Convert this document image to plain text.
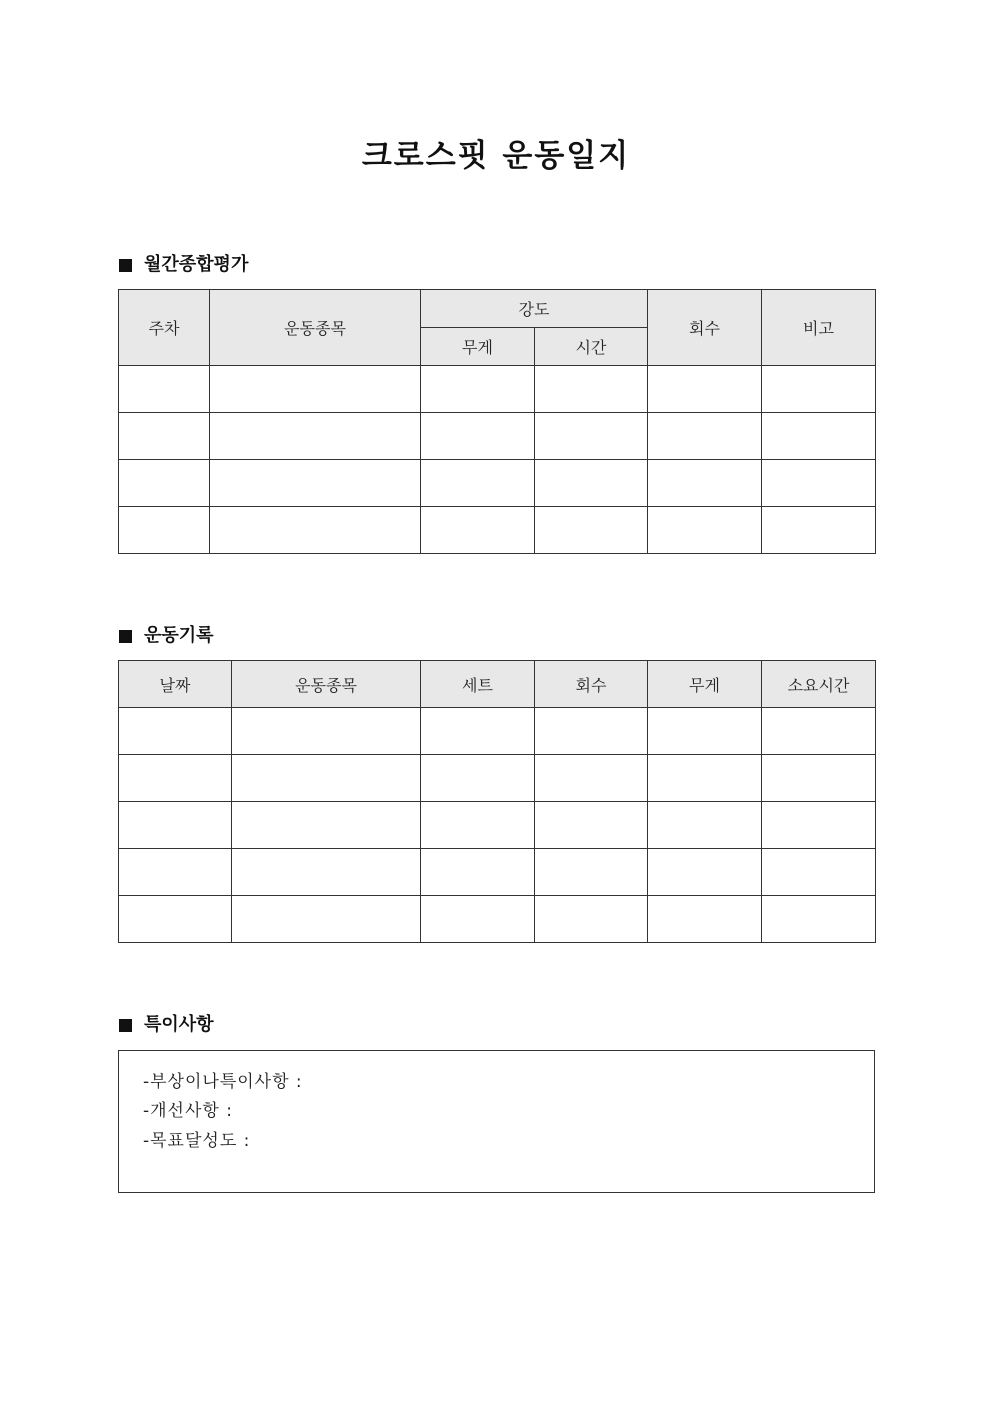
크로스핏 운동일지
월간종합평가
주차	운동종목	강도		회수	비고
		무게	시간		

운동기록
날짜	운동종목	세트	회수	무게	소요시간

특이사항
-부상이나특이사항 :
-개선사항 :
-목표달성도 :
